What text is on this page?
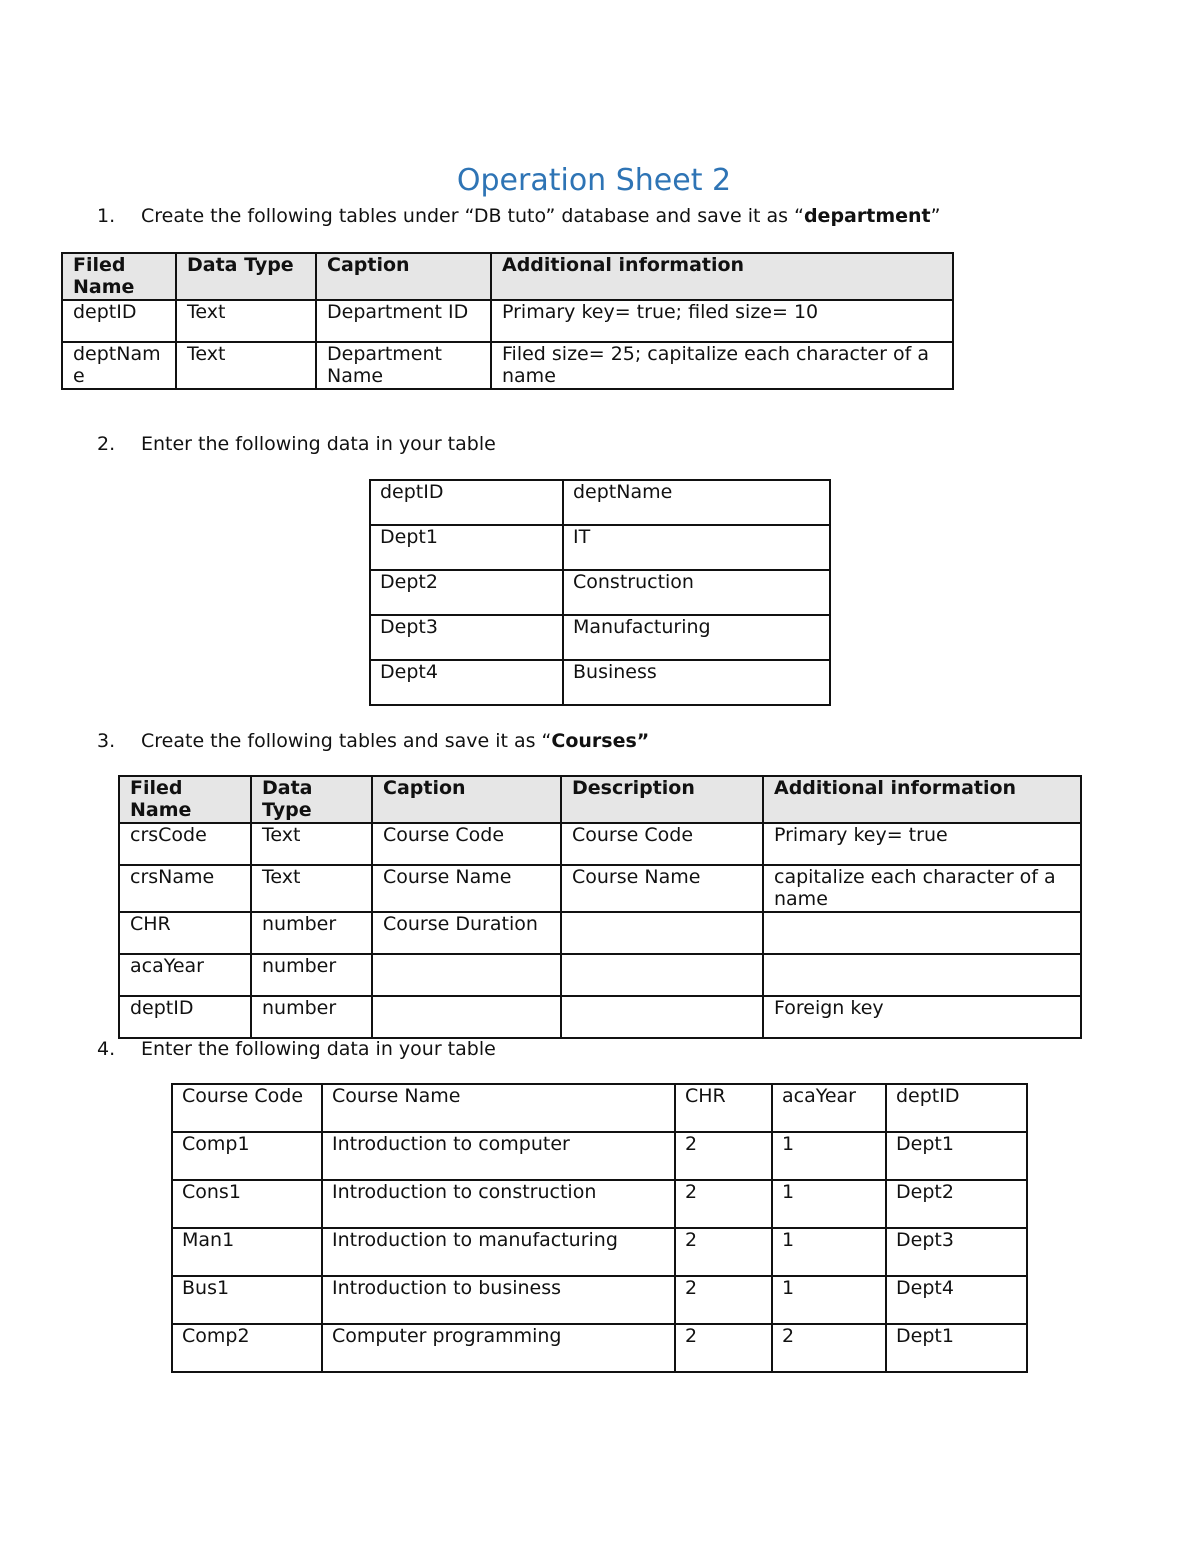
Operation Sheet 2
1. Create the following tables under “DB tuto” database and save it as “department”
Filed Name	Data Type	Caption	Additional information
deptID	Text	Department ID	Primary key= true; filed size= 10
deptName	Text	Department Name	Filed size= 25; capitalize each character of a name
2. Enter the following data in your table
deptID	deptName
Dept1	IT
Dept2	Construction
Dept3	Manufacturing
Dept4	Business
3. Create the following tables and save it as “Courses”
Filed Name	Data Type	Caption	Description	Additional information
crsCode	Text	Course Code	Course Code	Primary key= true
crsName	Text	Course Name	Course Name	capitalize each character of a name
CHR	number	Course Duration		
acaYear	number			
deptID	number			Foreign key
4. Enter the following data in your table
Course Code	Course Name	CHR	acaYear	deptID
Comp1	Introduction to computer	2	1	Dept1
Cons1	Introduction to construction	2	1	Dept2
Man1	Introduction to manufacturing	2	1	Dept3
Bus1	Introduction to business	2	1	Dept4
Comp2	Computer programming	2	2	Dept1
